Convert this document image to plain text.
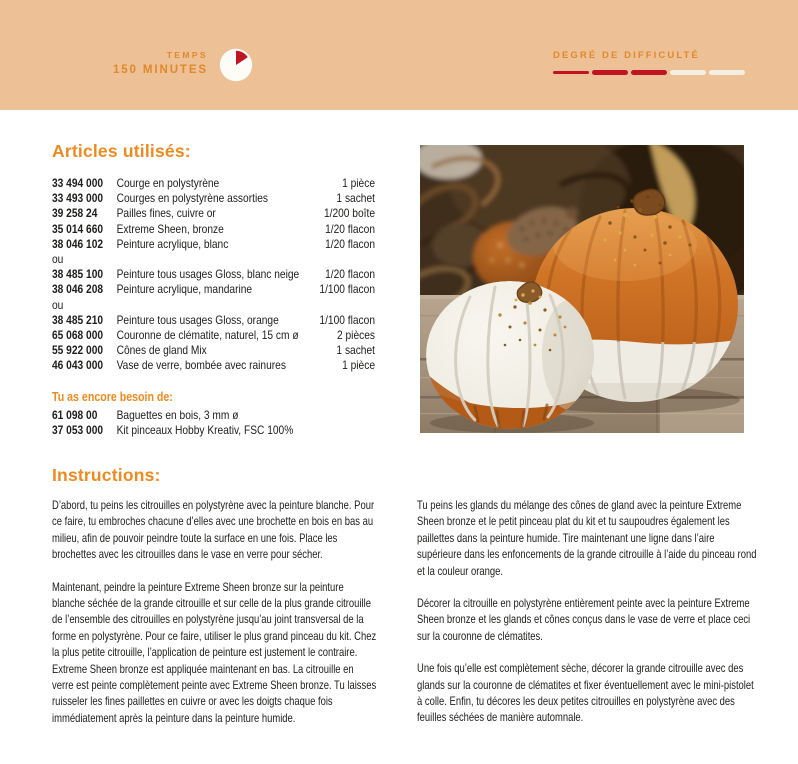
TEMPS
150 MINUTES
DEGRÉ DE DIFFICULTÉ
Articles utilisés:
33 494 000	Courge en polystyrène	1 pièce
33 493 000	Courges en polystyrène assorties	1 sachet
39 258 24	Pailles fines, cuivre or	1/200 boîte
35 014 660	Extreme Sheen, bronze	1/20 flacon
38 046 102	Peinture acrylique, blanc	1/20 flacon
ou
38 485 100	Peinture tous usages Gloss, blanc neige	1/20 flacon
38 046 208	Peinture acrylique, mandarine	1/100 flacon
ou
38 485 210	Peinture tous usages Gloss, orange	1/100 flacon
65 068 000	Couronne de clématite, naturel, 15 cm ø	2 pièces
55 922 000	Cônes de gland Mix	1 sachet
46 043 000	Vase de verre, bombée avec rainures	1 pièce
Tu as encore besoin de:
61 098 00	Baguettes en bois, 3 mm ø
37 053 000	Kit pinceaux Hobby Kreativ, FSC 100%
Instructions:

D’abord, tu peins les citrouilles en polystyrène avec la peinture blanche. Pour ce faire, tu embroches chacune d’elles avec une brochette en bois en bas au milieu, afin de pouvoir peindre toute la surface en une fois. Place les brochettes avec les citrouilles dans le vase en verre pour sécher.

Maintenant, peindre la peinture Extreme Sheen bronze sur la peinture blanche séchée de la grande citrouille et sur celle de la plus grande citrouille de l’ensemble des citrouilles en polystyrène jusqu’au joint transversal de la forme en polystyrène. Pour ce faire, utiliser le plus grand pinceau du kit. Chez la plus petite citrouille, l’application de peinture est justement le contraire. Extreme Sheen bronze est appliquée maintenant en bas. La citrouille en verre est peinte complètement peinte avec Extreme Sheen bronze. Tu laisses ruisseler les fines paillettes en cuivre or avec les doigts chaque fois immédiatement après la peinture dans la peinture humide.

Tu peins les glands du mélange des cônes de gland avec la peinture Extreme Sheen bronze et le petit pinceau plat du kit et tu saupoudres également les paillettes dans la peinture humide. Tire maintenant une ligne dans l’aire supérieure dans les enfoncements de la grande citrouille à l’aide du pinceau rond et la couleur orange.

Décorer la citrouille en polystyrène entièrement peinte avec la peinture Extreme Sheen bronze et les glands et cônes conçus dans le vase de verre et place ceci sur la couronne de clématites.

Une fois qu’elle est complètement sèche, décorer la grande citrouille avec des glands sur la couronne de clématites et fixer éventuellement avec le mini-pistolet à colle. Enfin, tu décores les deux petites citrouilles en polystyrène avec des feuilles séchées de manière automnale.
